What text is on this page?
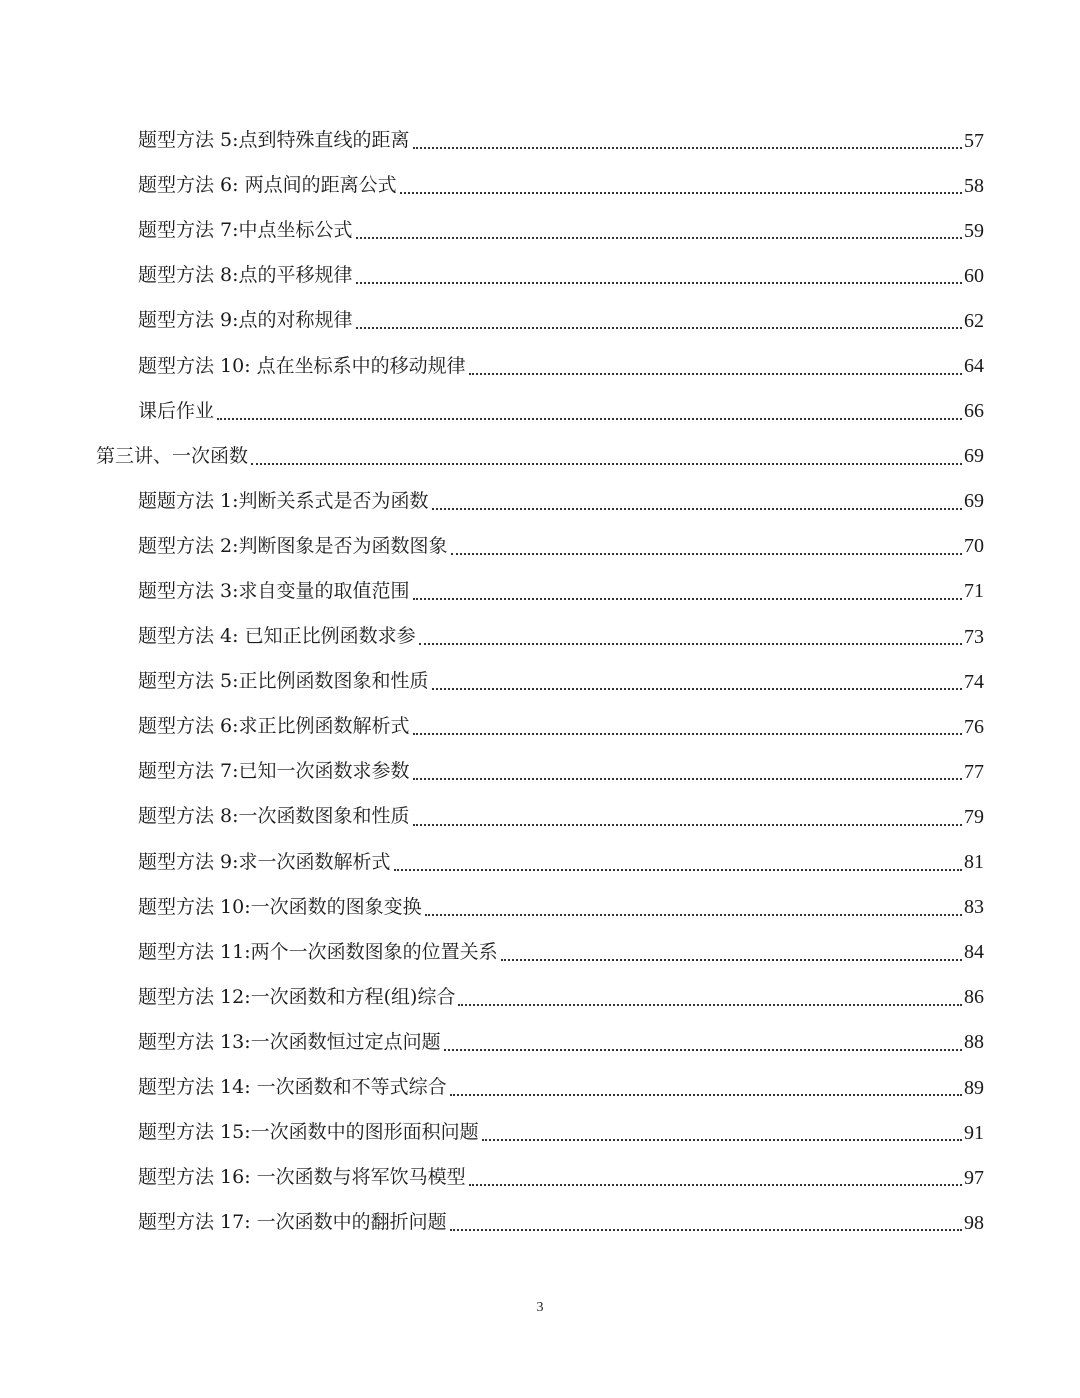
题型方法 5:点到特殊直线的距离	57
题型方法 6: 两点间的距离公式	58
题型方法 7:中点坐标公式	59
题型方法 8:点的平移规律	60
题型方法 9:点的对称规律	62
题型方法 10: 点在坐标系中的移动规律	64
课后作业	66
第三讲、一次函数	69
题题方法 1:判断关系式是否为函数	69
题型方法 2:判断图象是否为函数图象	70
题型方法 3:求自变量的取值范围	71
题型方法 4: 已知正比例函数求参	73
题型方法 5:正比例函数图象和性质	74
题型方法 6:求正比例函数解析式	76
题型方法 7:已知一次函数求参数	77
题型方法 8:一次函数图象和性质	79
题型方法 9:求一次函数解析式	81
题型方法 10:一次函数的图象变换	83
题型方法 11:两个一次函数图象的位置关系	84
题型方法 12:一次函数和方程(组)综合	86
题型方法 13:一次函数恒过定点问题	88
题型方法 14: 一次函数和不等式综合	89
题型方法 15:一次函数中的图形面积问题	91
题型方法 16: 一次函数与将军饮马模型	97
题型方法 17: 一次函数中的翻折问题	98
3
